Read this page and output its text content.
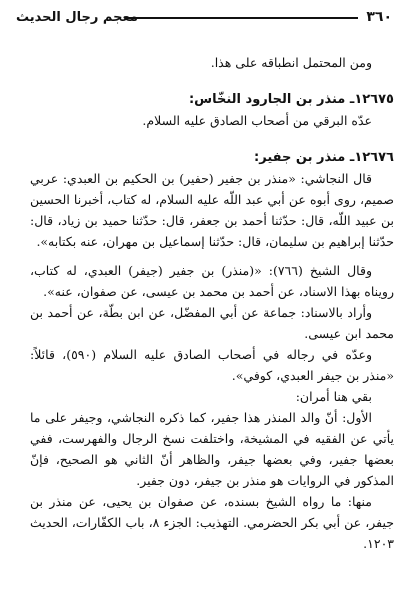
٣٦٠
معجم رجال الحديث

ومن المحتمل انطباقه على هذا.

١٢٦٧٥ـ منذر بن الجارود النخّاس:

عدّه البرقي من أصحاب الصادق عليه السلام.

١٢٦٧٦ـ منذر بن جفير:

قال النجاشي: «منذر بن جفير (حفير) بن الحكيم بن العبدي: عربي صميم، روى أبوه عن أبي عبد اللّه عليه السلام، له كتاب، أخبرنا الحسين بن عبيد اللّه، قال: حدّثنا أحمد بن جعفر، قال: حدّثنا حميد بن زياد، قال: حدّثنا إبراهيم بن سليمان، قال: حدّثنا إسماعيل بن مهران، عنه بكتابه».

وقال الشيخ (٧٦٦): «(منذر) بن جفير (جيفر) العبدي، له كتاب، رويناه بهذا الاسناد، عن أحمد بن محمد بن عيسى، عن صفوان، عنه».

وأراد بالاسناد: جماعة عن أبي المفضّل، عن ابن بطّة، عن أحمد بن محمد ابن عيسى.

وعدّه في رجاله في أصحاب الصادق عليه السلام (٥٩٠)، قائلاً: «منذر بن جيفر العبدي، كوفي».

بقي هنا أمران:

الأول: أنّ والد المنذر هذا جفير، كما ذكره النجاشي، وجيفر على ما يأتي عن الفقيه في المشيخة، واختلفت نسخ الرجال والفهرست، ففي بعضها جفير، وفي بعضها جيفر، والظاهر أنّ الثاني هو الصحيح، فإنّ المذكور في الروايات هو منذر بن جيفر، دون جفير.

منها: ما رواه الشيخ بسنده، عن صفوان بن يحيى، عن منذر بن جيفر، عن أبي بكر الحضرمي. التهذيب: الجزء ٨، باب الكفّارات، الحديث ١٢٠٣.
